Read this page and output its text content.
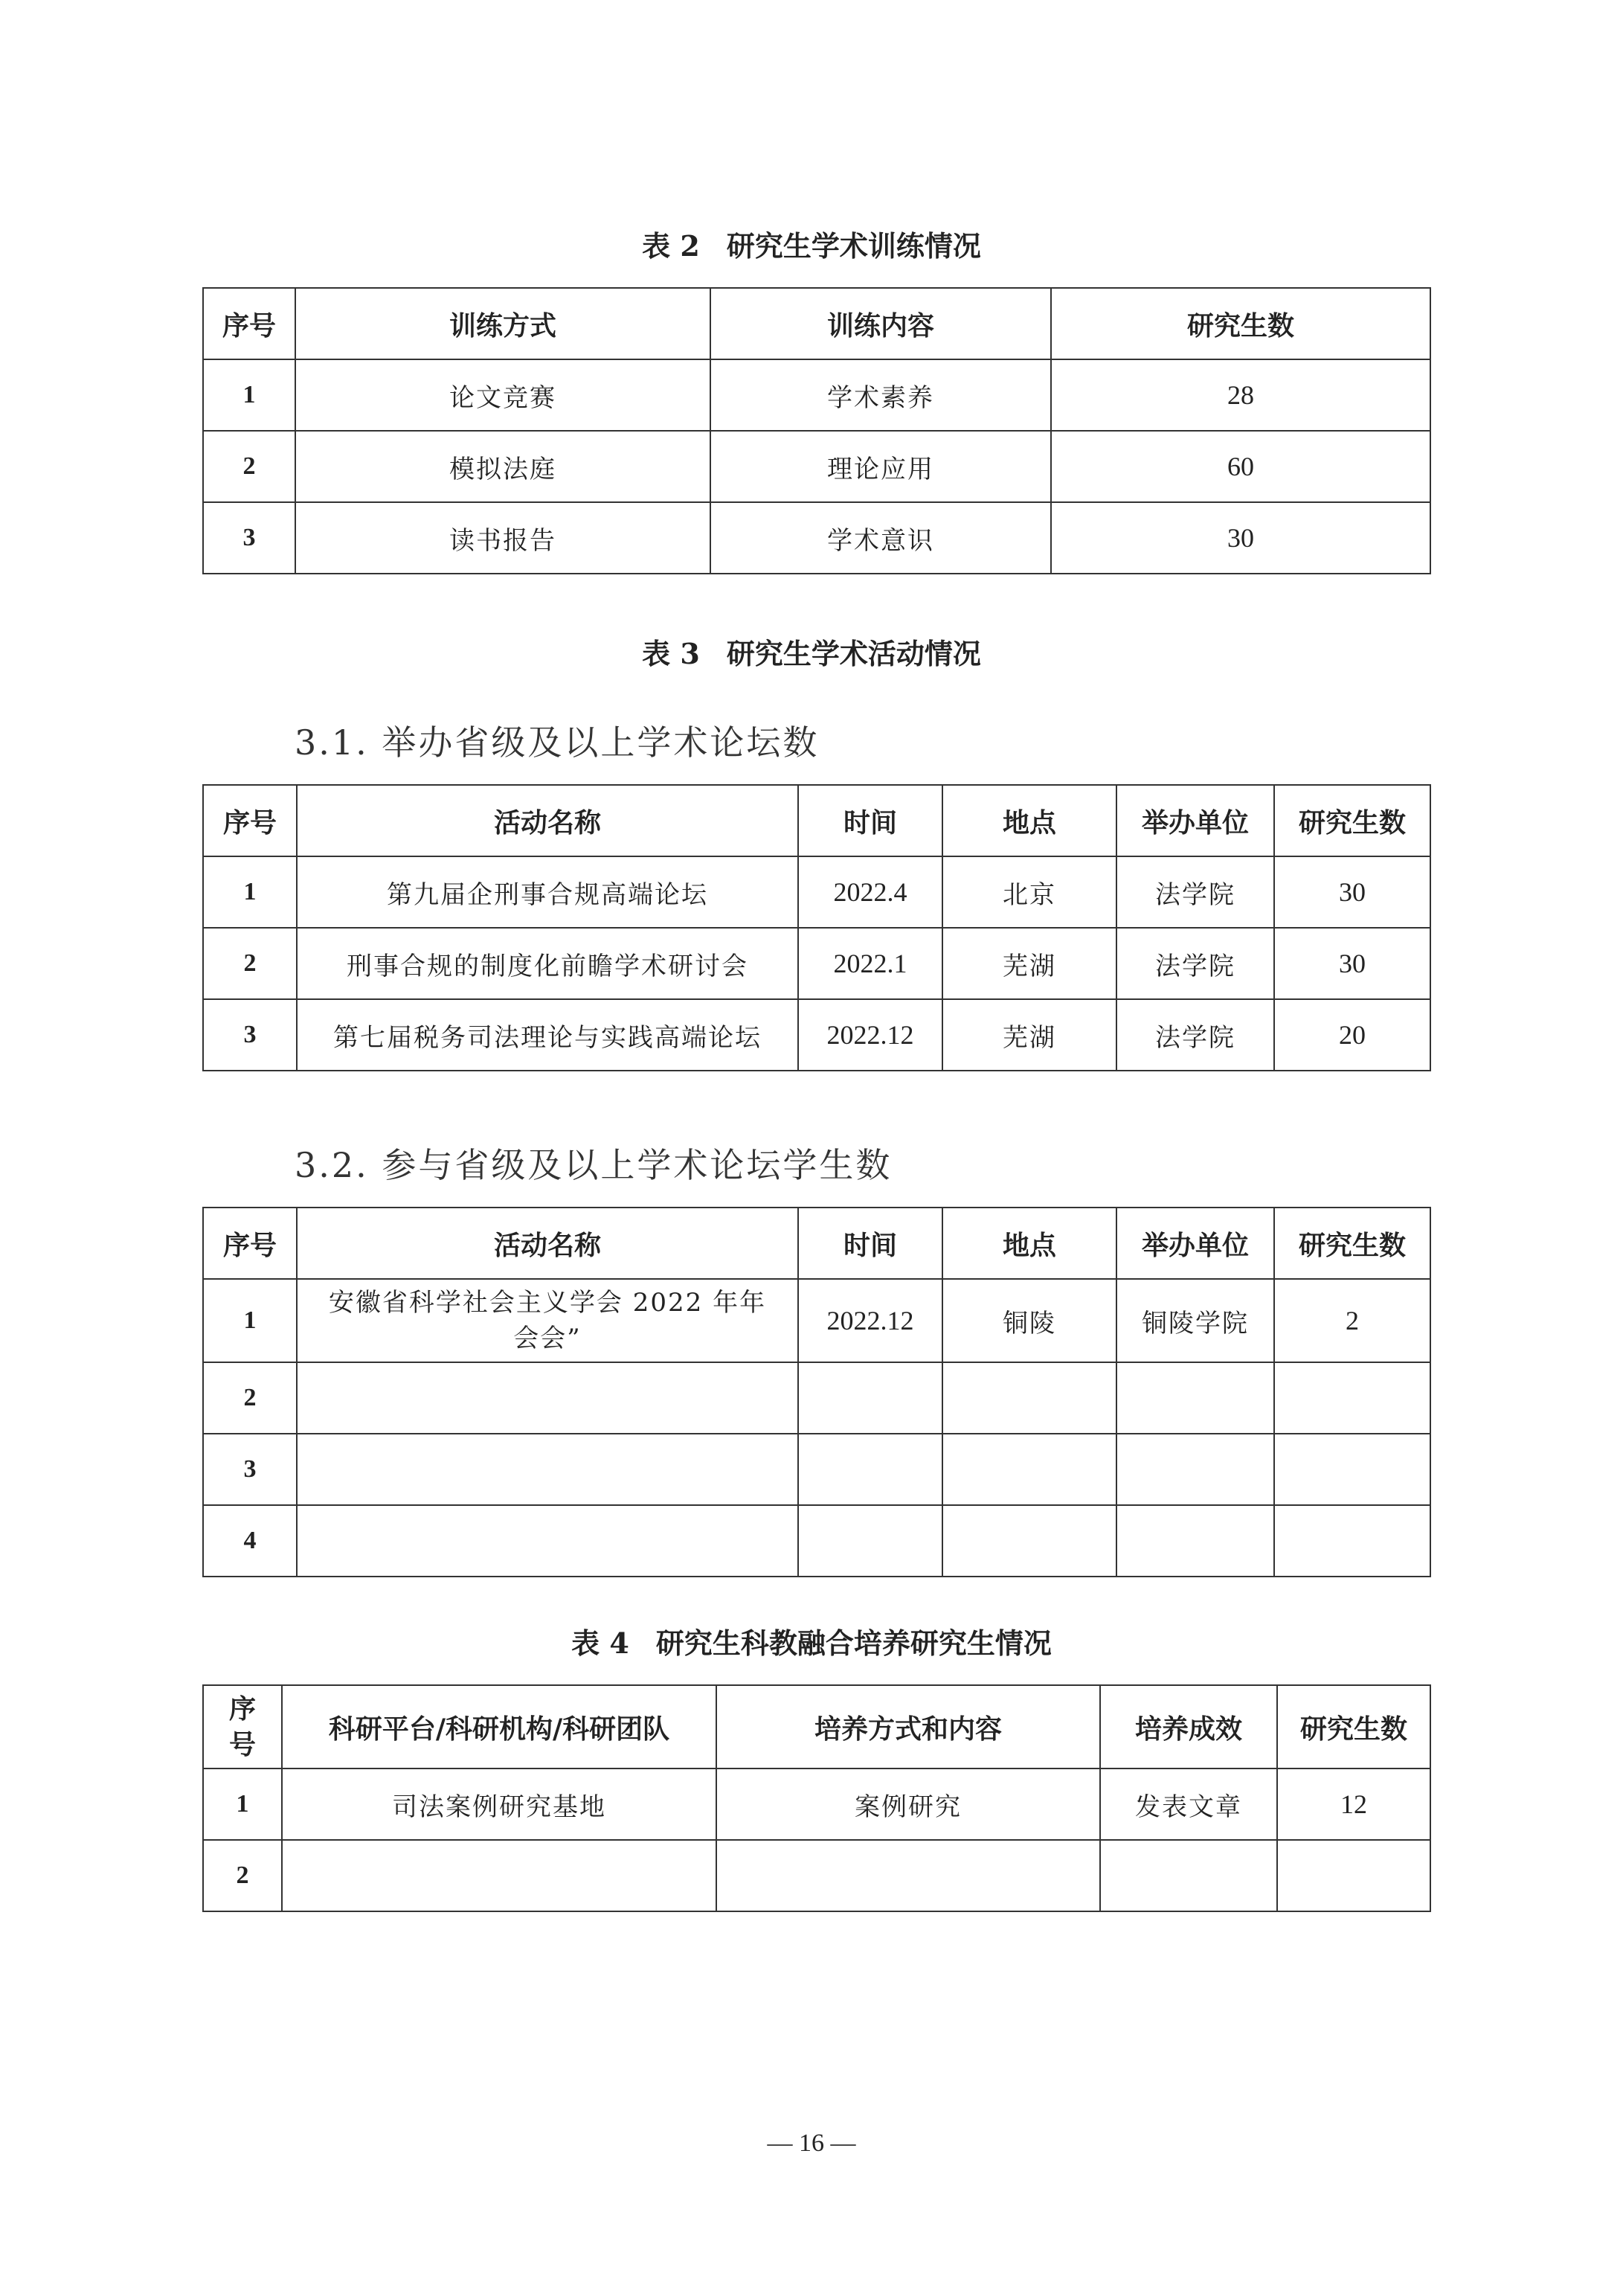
表 2 研究生学术训练情况
序号	训练方式	训练内容	研究生数
1	论文竞赛	学术素养	28
2	模拟法庭	理论应用	60
3	读书报告	学术意识	30
表 3 研究生学术活动情况
3.1. 举办省级及以上学术论坛数
序号	活动名称	时间	地点	举办单位	研究生数
1	第九届企刑事合规高端论坛	2022.4	北京	法学院	30
2	刑事合规的制度化前瞻学术研讨会	2022.1	芜湖	法学院	30
3	第七届税务司法理论与实践高端论坛	2022.12	芜湖	法学院	20
3.2. 参与省级及以上学术论坛学生数
序号	活动名称	时间	地点	举办单位	研究生数
1	安徽省科学社会主义学会 2022 年年会会”	2022.12	铜陵	铜陵学院	2
2					
3					
4					
表 4 研究生科教融合培养研究生情况
序号	科研平台/科研机构/科研团队	培养方式和内容	培养成效	研究生数
1	司法案例研究基地	案例研究	发表文章	12
2				
— 16 —
